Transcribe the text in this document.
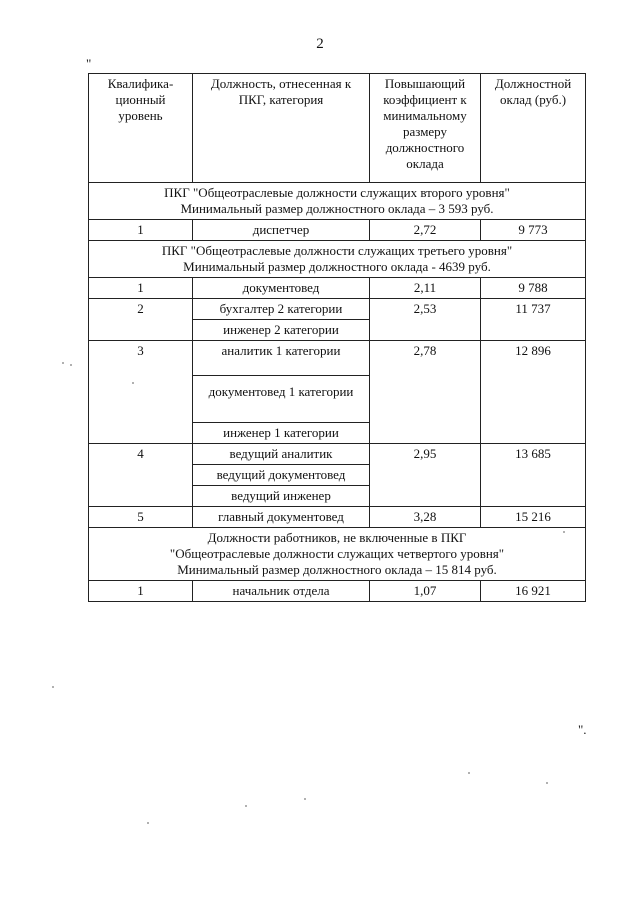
2
"
Квалифика-ционный уровень	Должность, отнесенная к ПКГ, категория	Повышающий коэффициент к минимальному размеру должностного оклада	Должностной оклад (руб.)

ПКГ "Общеотраслевые должности служащих второго уровня"
Минимальный размер должностного оклада – 3 593 руб.			

1	диспетчер	2,72	9 773

ПКГ "Общеотраслевые должности служащих третьего уровня"
Минимальный размер должностного оклада - 4639 руб.			

1	документовед	2,11	9 788
2	бухгалтер 2 категории	2,53	11 737
	инженер 2 категории		
3	аналитик 1 категории	2,78	12 896
	документовед 1 категории		
	инженер 1 категории		
4	ведущий аналитик	2,95	13 685
	ведущий документовед		
	ведущий инженер		
5	главный документовед	3,28	15 216

Должности работников, не включенные в ПКГ
"Общеотраслевые должности служащих четвертого уровня"
Минимальный размер должностного оклада – 15 814 руб.			

1	начальник отдела	1,07	16 921
".
